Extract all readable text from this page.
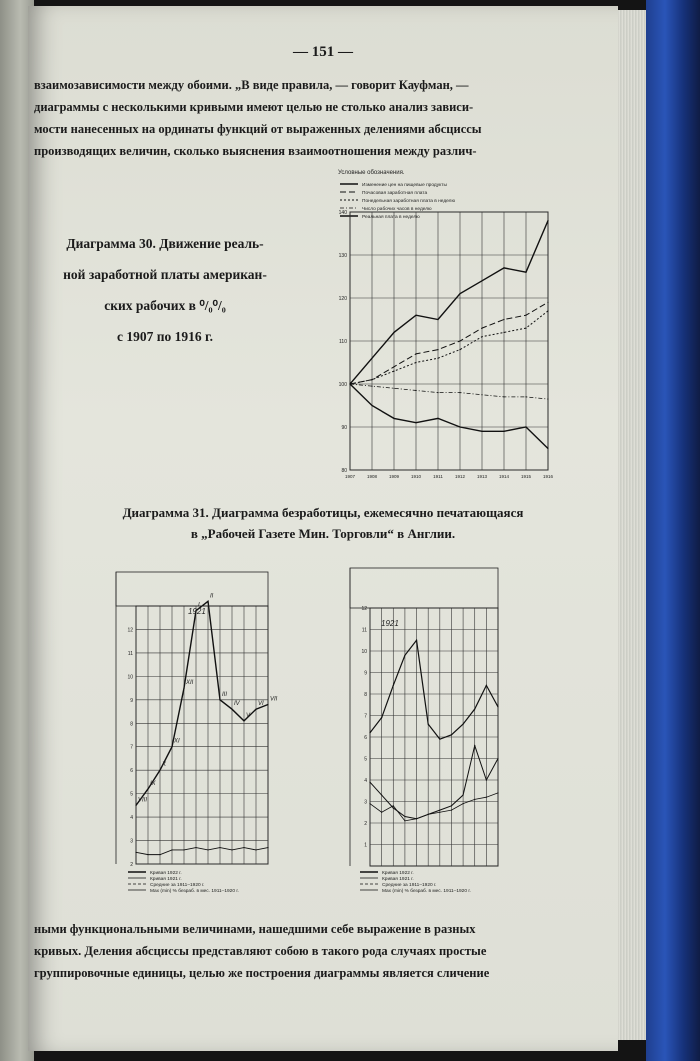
— 151 —
взаимозависимости между обоими. „В виде правила, — говорит Кауфман, —
диаграммы с несколькими кривыми имеют целью не столько анализ зависи-
мости нанесенных на ординаты функций от выраженных делениями абсциссы
производящих величин, сколько выяснения взаимоотношения между различ-
Диаграмма 30. Движение реаль-
ной заработной платы американ-
ских рабочих в ⁰/₀⁰/₀
с 1907 по 1916 г.
Условные обозначения.
Изменение цен на пищевые продукты
Почасовая заработная плата
Понедельная заработная плата в неделю
Число рабочих часов в неделю
Реальная плата в неделю
1907	1908	1909	1910	1911	1912	1913	1914	1915	1916
80
90
100
110
120
130
140
Диаграмма 31. Диаграмма безработицы, ежемесячно печатающаяся
в „Рабочей Газете Мин. Торговли“ в Англии.
2
3
4
5
6
7
8
9
10
11
12
VIII
IX
X
XI
XII
I
II
III
IV
V
VI
VII
1921
Кривая 1922 г.
Кривая 1921 г.
Средние за 1911–1920 г.
Max (min) % безраб. в мес. 1911–1920 г.
1
2
3
4
5
6
7
8
9
10
11
12
1921
Кривая 1922 г.
Кривая 1921 г.
Средние за 1911–1920 г.
Max (min) % безраб. в мес. 1911–1920 г.
ными функциональными величинами, нашедшими себе выражение в разных
кривых. Деления абсциссы представляют собою в такого рода случаях простые
группировочные единицы, целью же построения диаграммы является сличение
